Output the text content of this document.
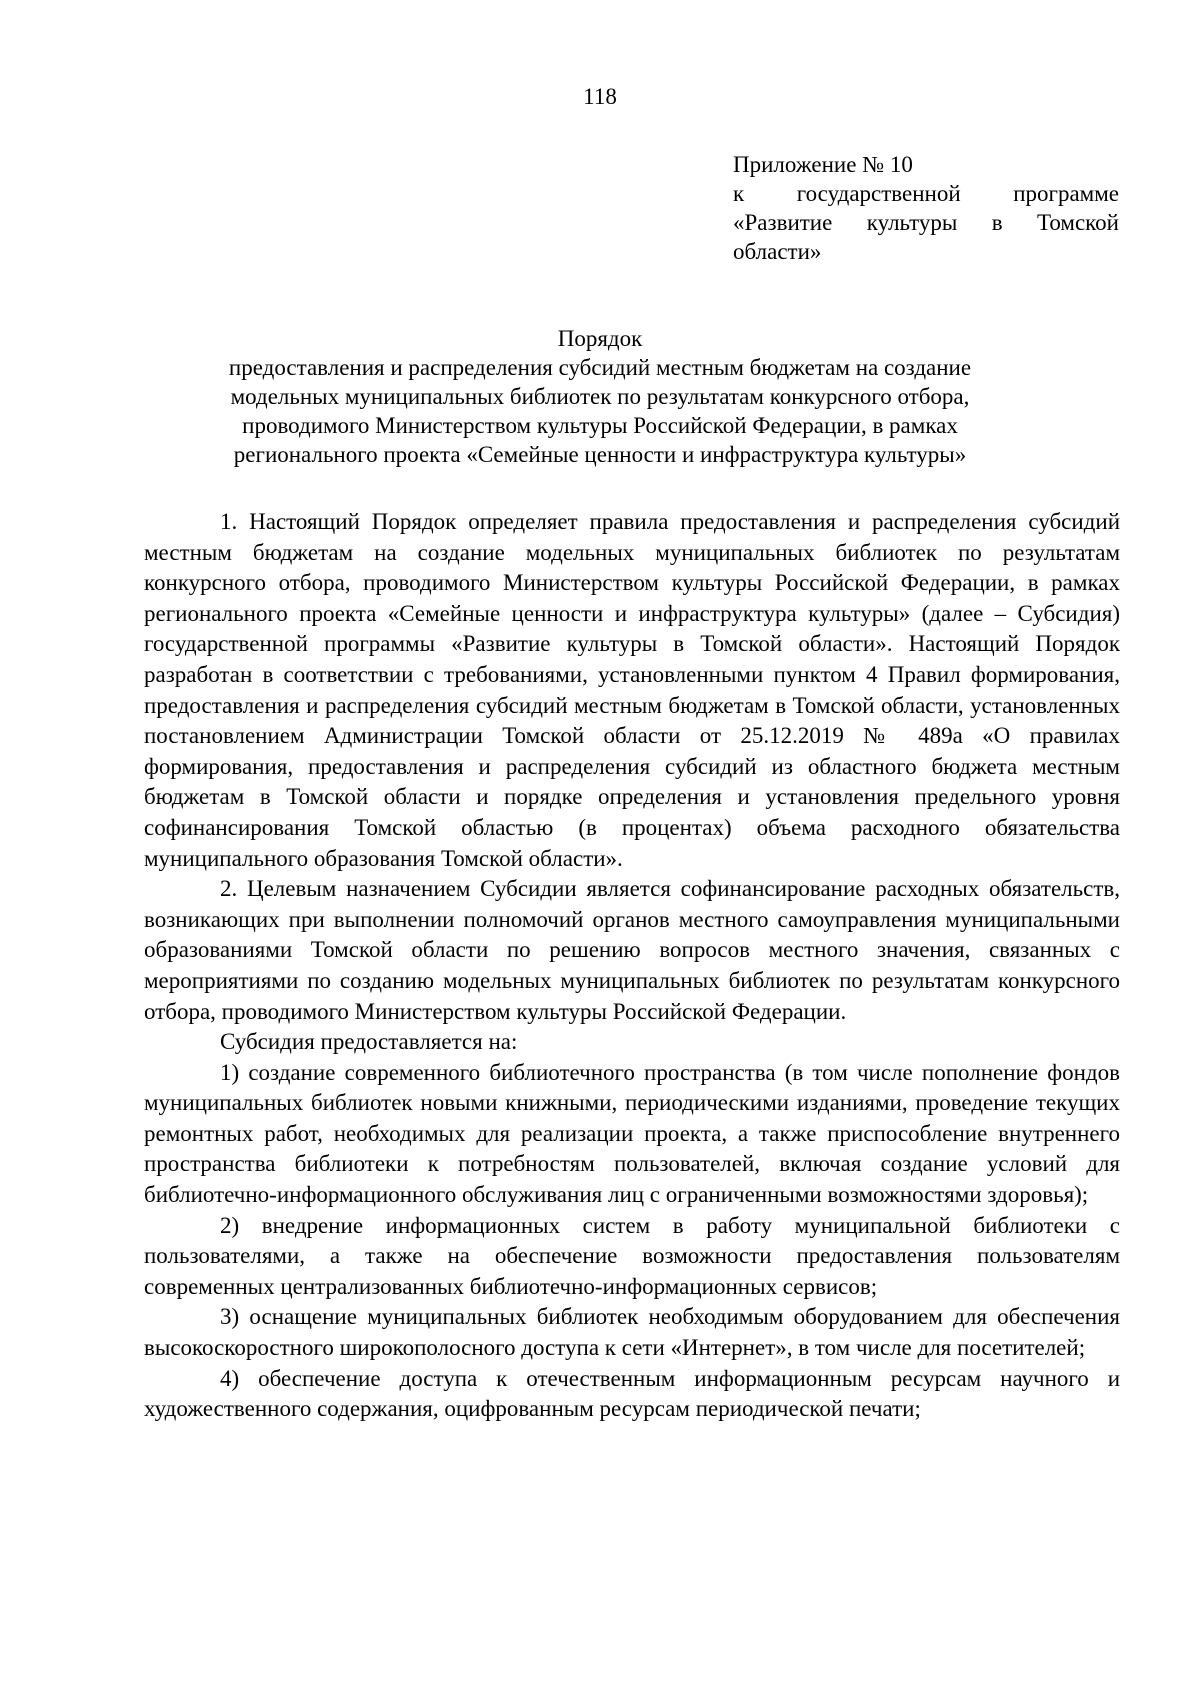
118
Приложение № 10
к государственной программе
«Развитие культуры в Томской
области»
Порядок
предоставления и распределения субсидий местным бюджетам на создание
модельных муниципальных библиотек по результатам конкурсного отбора,
проводимого Министерством культуры Российской Федерации, в рамках
регионального проекта «Семейные ценности и инфраструктура культуры»

1. Настоящий Порядок определяет правила предоставления и распределения субсидий местным бюджетам на создание модельных муниципальных библиотек по результатам конкурсного отбора, проводимого Министерством культуры Российской Федерации, в рамках регионального проекта «Семейные ценности и инфраструктура культуры» (далее – Субсидия) государственной программы «Развитие культуры в Томской области». Настоящий Порядок разработан в соответствии с требованиями, установленными пунктом 4 Правил формирования, предоставления и распределения субсидий местным бюджетам в Томской области, установленных постановлением Администрации Томской области от 25.12.2019 № 489а «О правилах формирования, предоставления и распределения субсидий из областного бюджета местным бюджетам в Томской области и порядке определения и установления предельного уровня софинансирования Томской областью (в процентах) объема расходного обязательства муниципального образования Томской области».

2. Целевым назначением Субсидии является софинансирование расходных обязательств, возникающих при выполнении полномочий органов местного самоуправления муниципальными образованиями Томской области по решению вопросов местного значения, связанных с мероприятиями по созданию модельных муниципальных библиотек по результатам конкурсного отбора, проводимого Министерством культуры Российской Федерации.

Субсидия предоставляется на:

1) создание современного библиотечного пространства (в том числе пополнение фондов муниципальных библиотек новыми книжными, периодическими изданиями, проведение текущих ремонтных работ, необходимых для реализации проекта, а также приспособление внутреннего пространства библиотеки к потребностям пользователей, включая создание условий для библиотечно-информационного обслуживания лиц с ограниченными возможностями здоровья);

2) внедрение информационных систем в работу муниципальной библиотеки с пользователями, а также на обеспечение возможности предоставления пользователям современных централизованных библиотечно-информационных сервисов;

3) оснащение муниципальных библиотек необходимым оборудованием для обеспечения высокоскоростного широкополосного доступа к сети «Интернет», в том числе для посетителей;

4) обеспечение доступа к отечественным информационным ресурсам научного и художественного содержания, оцифрованным ресурсам периодической печати;
